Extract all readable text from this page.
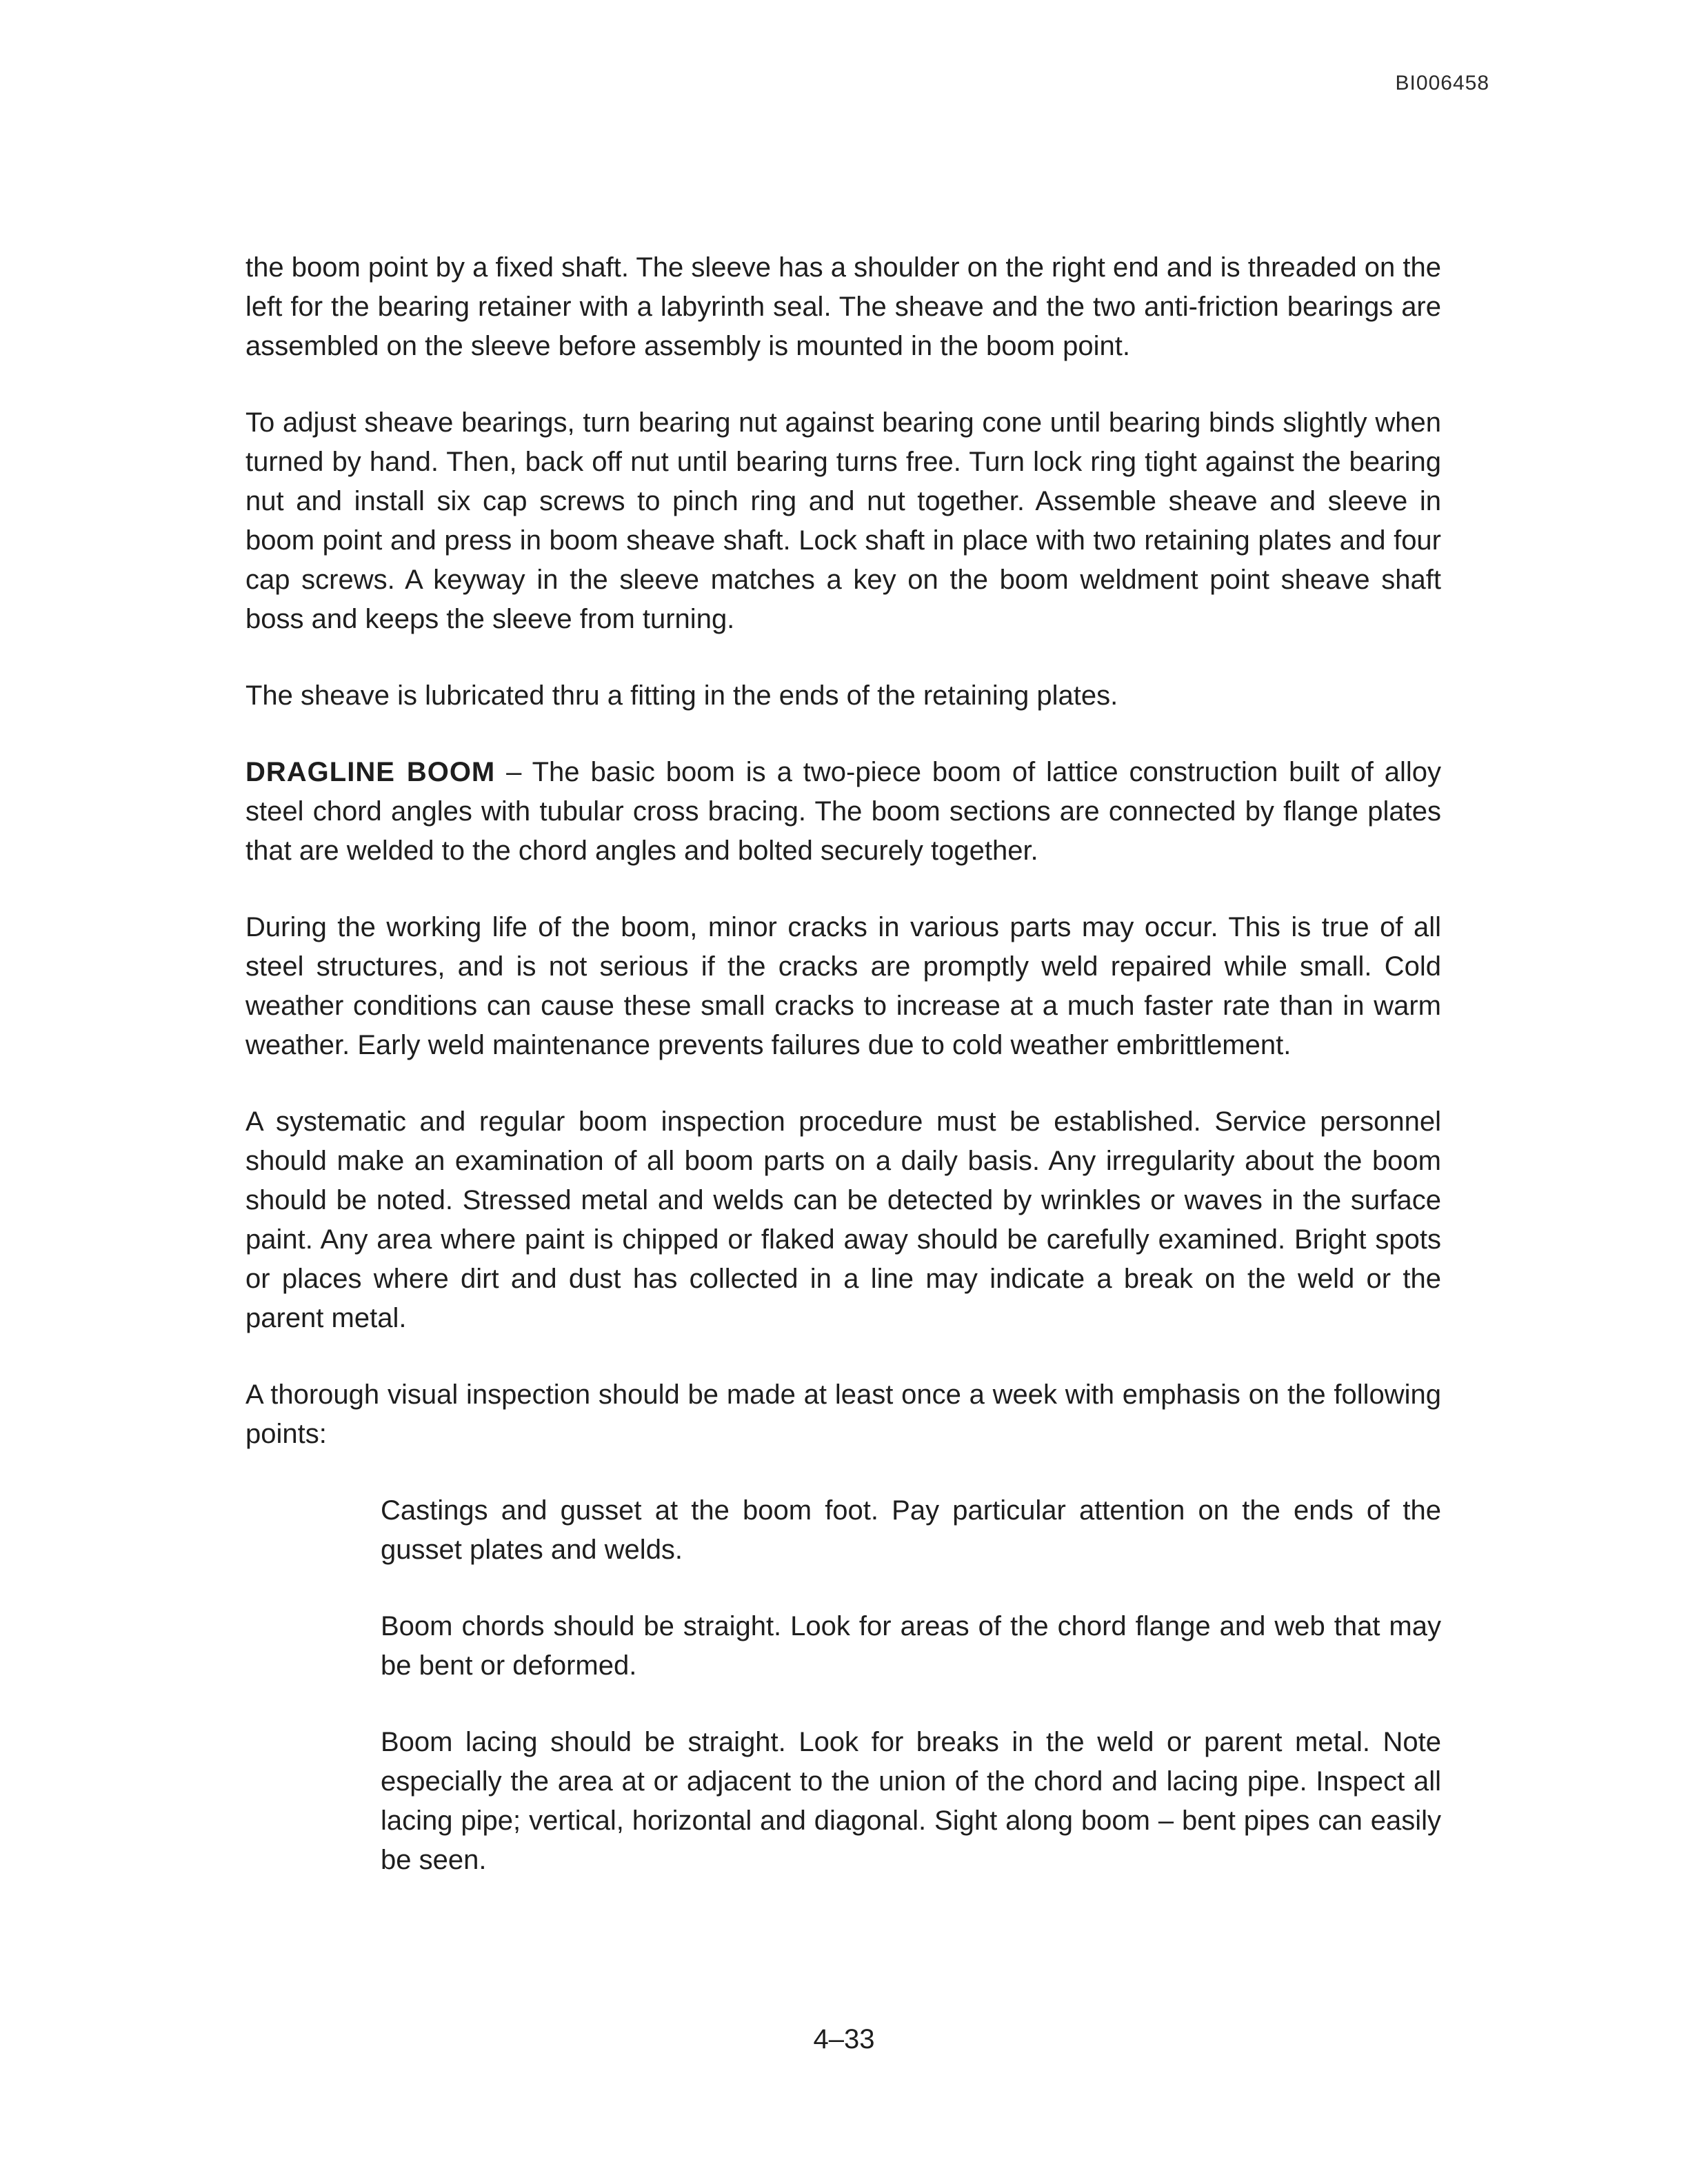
BI006458

the boom point by a fixed shaft. The sleeve has a shoulder on the right end and is threaded on the left for the bearing retainer with a labyrinth seal. The sheave and the two anti-friction bearings are assembled on the sleeve before assembly is mounted in the boom point.

To adjust sheave bearings, turn bearing nut against bearing cone until bearing binds slightly when turned by hand. Then, back off nut until bearing turns free. Turn lock ring tight against the bearing nut and install six cap screws to pinch ring and nut together. Assemble sheave and sleeve in boom point and press in boom sheave shaft. Lock shaft in place with two retaining plates and four cap screws. A keyway in the sleeve matches a key on the boom weldment point sheave shaft boss and keeps the sleeve from turning.

The sheave is lubricated thru a fitting in the ends of the retaining plates.

DRAGLINE BOOM – The basic boom is a two-piece boom of lattice construction built of alloy steel chord angles with tubular cross bracing. The boom sections are connected by flange plates that are welded to the chord angles and bolted securely together.

During the working life of the boom, minor cracks in various parts may occur. This is true of all steel structures, and is not serious if the cracks are promptly weld repaired while small. Cold weather conditions can cause these small cracks to increase at a much faster rate than in warm weather. Early weld maintenance prevents failures due to cold weather embrittlement.

A systematic and regular boom inspection procedure must be established. Service personnel should make an examination of all boom parts on a daily basis. Any irregularity about the boom should be noted. Stressed metal and welds can be detected by wrinkles or waves in the surface paint. Any area where paint is chipped or flaked away should be carefully examined. Bright spots or places where dirt and dust has collected in a line may indicate a break on the weld or the parent metal.

A thorough visual inspection should be made at least once a week with emphasis on the following points:

Castings and gusset at the boom foot. Pay particular attention on the ends of the gusset plates and welds.

Boom chords should be straight. Look for areas of the chord flange and web that may be bent or deformed.

Boom lacing should be straight. Look for breaks in the weld or parent metal. Note especially the area at or adjacent to the union of the chord and lacing pipe. Inspect all lacing pipe; vertical, horizontal and diagonal. Sight along boom – bent pipes can easily be seen.

4–33
